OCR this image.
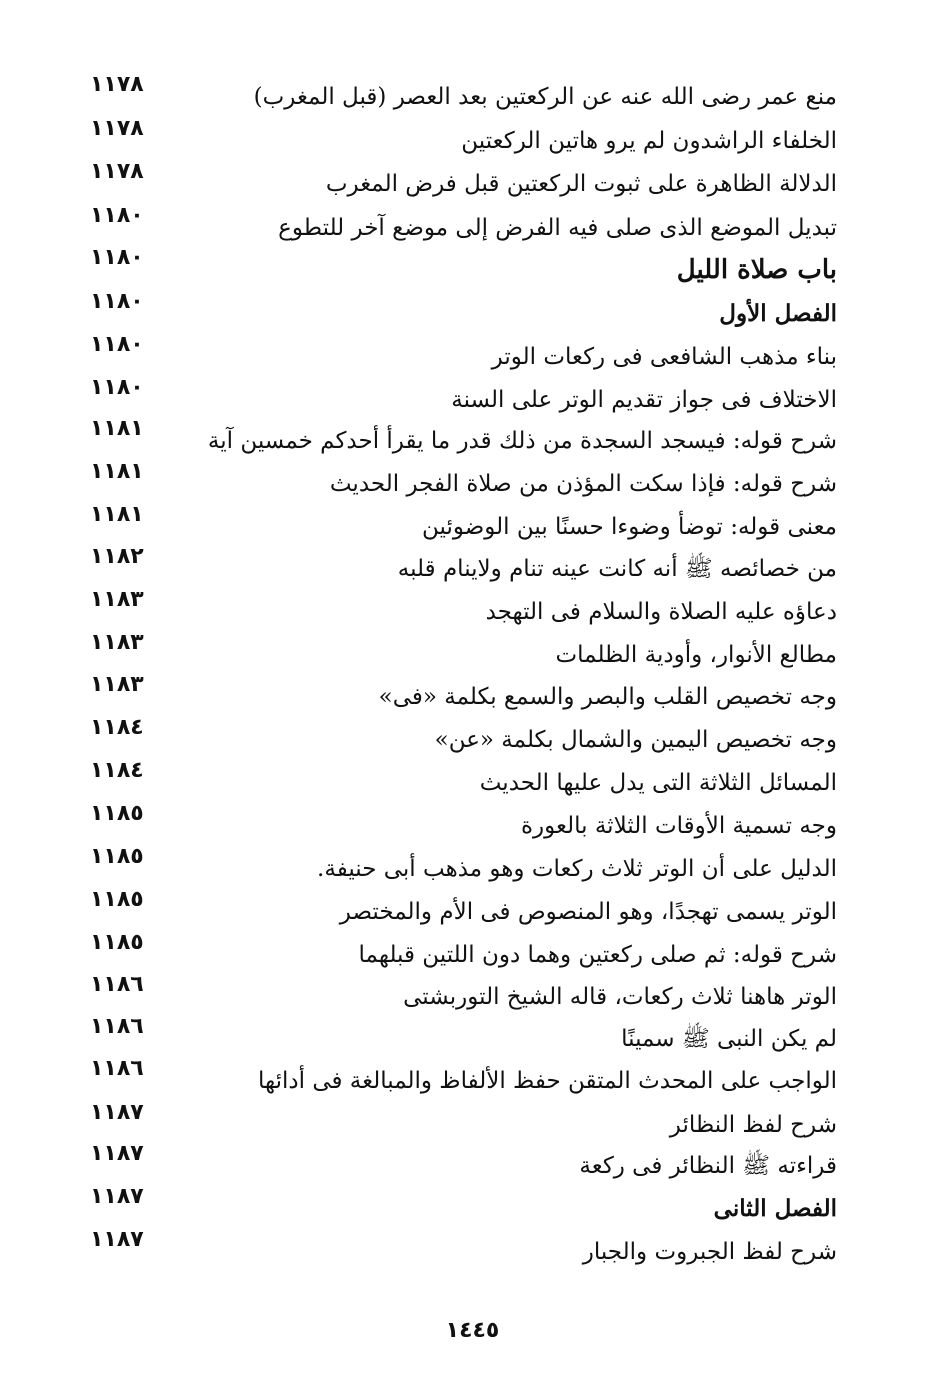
منع عمر رضى الله عنه عن الركعتين بعد العصر (قبل المغرب)
١١٧٨
الخلفاء الراشدون لم يرو هاتين الركعتين
١١٧٨
الدلالة الظاهرة على ثبوت الركعتين قبل فرض المغرب
١١٧٨
تبديل الموضع الذى صلى فيه الفرض إلى موضع آخر للتطوع
١١٨٠
باب صلاة الليل
١١٨٠
الفصل الأول
١١٨٠
بناء مذهب الشافعى فى ركعات الوتر
١١٨٠
الاختلاف فى جواز تقديم الوتر على السنة
١١٨٠
شرح قوله: فيسجد السجدة من ذلك قدر ما يقرأ أحدكم خمسين آية
١١٨١
شرح قوله: فإذا سكت المؤذن من صلاة الفجر الحديث
١١٨١
معنى قوله: توضأ وضوءا حسنًا بين الوضوئين
١١٨١
من خصائصه ﷺ أنه كانت عينه تنام ولاينام قلبه
١١٨٢
دعاؤه عليه الصلاة والسلام فى التهجد
١١٨٣
مطالع الأنوار، وأودية الظلمات
١١٨٣
وجه تخصيص القلب والبصر والسمع بكلمة «فى»
١١٨٣
وجه تخصيص اليمين والشمال بكلمة «عن»
١١٨٤
المسائل الثلاثة التى يدل عليها الحديث
١١٨٤
وجه تسمية الأوقات الثلاثة بالعورة
١١٨٥
الدليل على أن الوتر ثلاث ركعات وهو مذهب أبى حنيفة.
١١٨٥
الوتر يسمى تهجدًا، وهو المنصوص فى الأم والمختصر
١١٨٥
شرح قوله: ثم صلى ركعتين وهما دون اللتين قبلهما
١١٨٥
الوتر هاهنا ثلاث ركعات، قاله الشيخ التوربشتى
١١٨٦
لم يكن النبى ﷺ سمينًا
١١٨٦
الواجب على المحدث المتقن حفظ الألفاظ والمبالغة فى أدائها
١١٨٦
شرح لفظ النظائر
١١٨٧
قراءته ﷺ النظائر فى ركعة
١١٨٧
الفصل الثانى
١١٨٧
شرح لفظ الجبروت والجبار
١١٨٧
١٤٤٥
